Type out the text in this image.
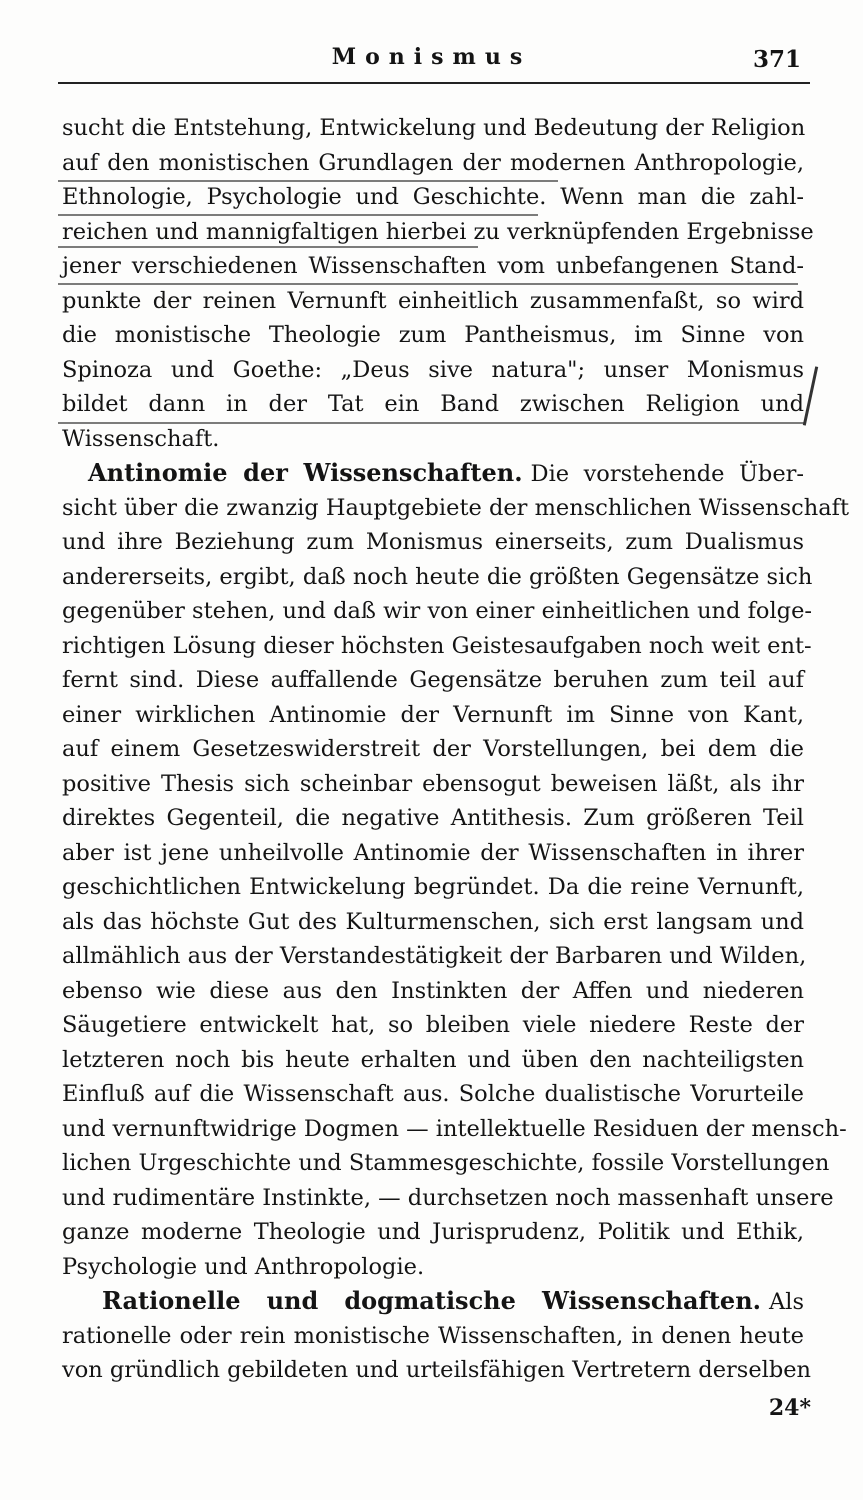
Monismus	371
sucht die Entstehung, Entwickelung und Bedeutung der Religion
auf den monistischen Grundlagen der modernen Anthropologie,
Ethnologie, Psychologie und Geschichte. Wenn man die zahl-
reichen und mannigfaltigen hierbei zu verknüpfenden Ergebnisse
jener verschiedenen Wissenschaften vom unbefangenen Stand-
punkte der reinen Vernunft einheitlich zusammenfaßt, so wird
die monistische Theologie zum Pantheismus, im Sinne von
Spinoza und Goethe: „Deus sive natura"; unser Monismus
bildet dann in der Tat ein Band zwischen Religion und
Wissenschaft.
Antinomie der Wissenschaften. Die vorstehende Über-
sicht über die zwanzig Hauptgebiete der menschlichen Wissenschaft
und ihre Beziehung zum Monismus einerseits, zum Dualismus
andererseits, ergibt, daß noch heute die größten Gegensätze sich
gegenüber stehen, und daß wir von einer einheitlichen und folge-
richtigen Lösung dieser höchsten Geistesaufgaben noch weit ent-
fernt sind. Diese auffallende Gegensätze beruhen zum teil auf
einer wirklichen Antinomie der Vernunft im Sinne von Kant,
auf einem Gesetzeswiderstreit der Vorstellungen, bei dem die
positive Thesis sich scheinbar ebensogut beweisen läßt, als ihr
direktes Gegenteil, die negative Antithesis. Zum größeren Teil
aber ist jene unheilvolle Antinomie der Wissenschaften in ihrer
geschichtlichen Entwickelung begründet. Da die reine Vernunft,
als das höchste Gut des Kulturmenschen, sich erst langsam und
allmählich aus der Verstandestätigkeit der Barbaren und Wilden,
ebenso wie diese aus den Instinkten der Affen und niederen
Säugetiere entwickelt hat, so bleiben viele niedere Reste der
letzteren noch bis heute erhalten und üben den nachteiligsten
Einfluß auf die Wissenschaft aus. Solche dualistische Vorurteile
und vernunftwidrige Dogmen — intellektuelle Residuen der mensch-
lichen Urgeschichte und Stammesgeschichte, fossile Vorstellungen
und rudimentäre Instinkte, — durchsetzen noch massenhaft unsere
ganze moderne Theologie und Jurisprudenz, Politik und Ethik,
Psychologie und Anthropologie.
Rationelle und dogmatische Wissenschaften. Als
rationelle oder rein monistische Wissenschaften, in denen heute
von gründlich gebildeten und urteilsfähigen Vertretern derselben
24*
